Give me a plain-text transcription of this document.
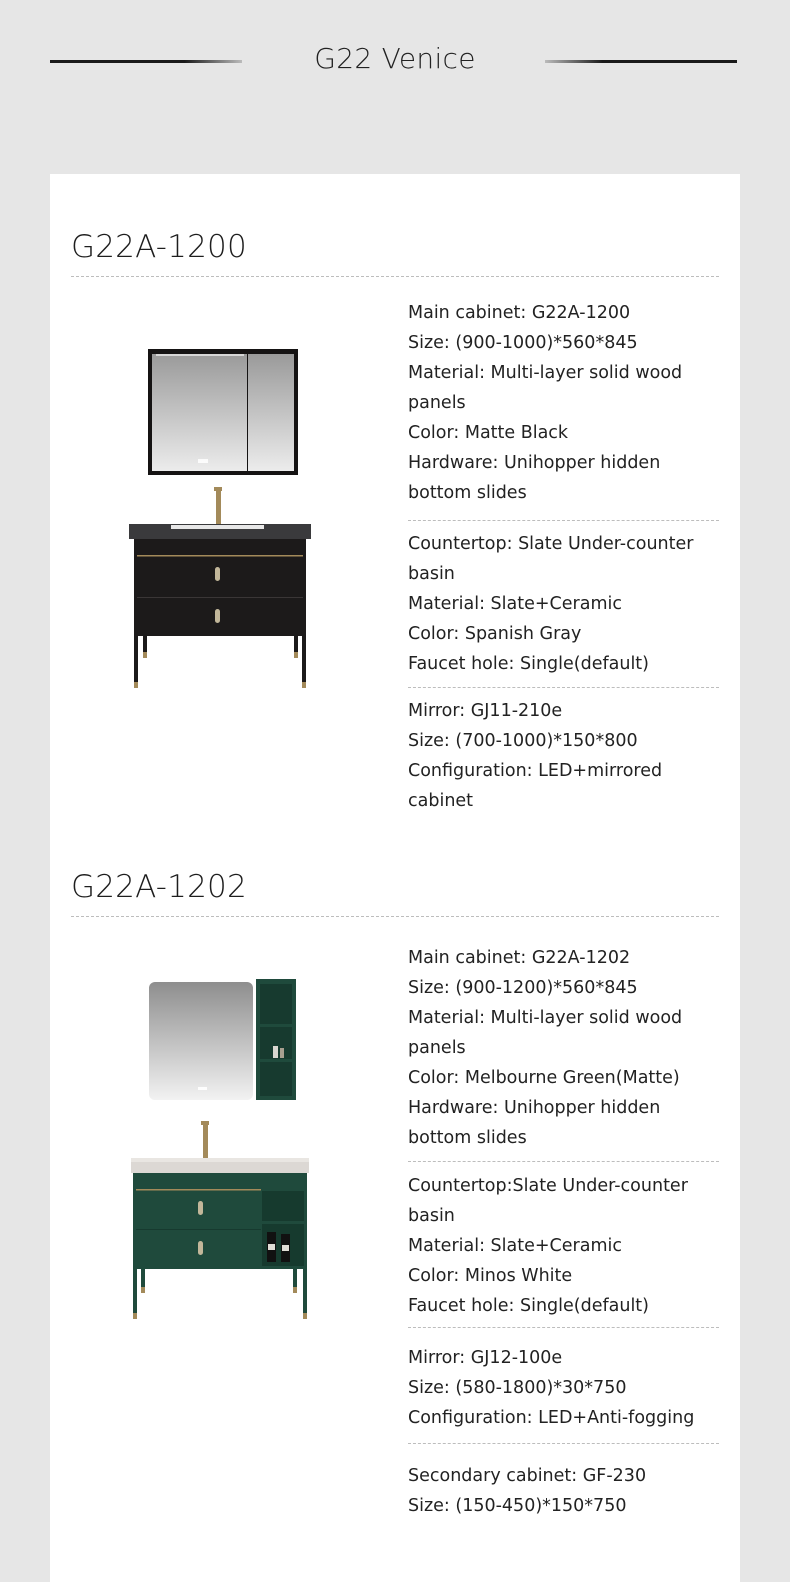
G22 Venice
G22A-1200

Main cabinet: G22A-1200

Size: (900-1000)*560*845

Material: Multi-layer solid wood panels

Color: Matte Black

Hardware: Unihopper hidden bottom slides

Countertop: Slate Under-counter basin

Material: Slate+Ceramic

Color: Spanish Gray

Faucet hole: Single(default)

Mirror: GJ11-210e

Size: (700-1000)*150*800

Configuration: LED+mirrored cabinet

G22A-1202

Main cabinet: G22A-1202

Size: (900-1200)*560*845

Material: Multi-layer solid wood panels

Color: Melbourne Green(Matte)

Hardware: Unihopper hidden bottom slides

Countertop:Slate Under-counter basin

Material: Slate+Ceramic

Color: Minos White

Faucet hole: Single(default)

Mirror: GJ12-100e

Size: (580-1800)*30*750

Configuration: LED+Anti-fogging

Secondary cabinet: GF-230

Size: (150-450)*150*750
